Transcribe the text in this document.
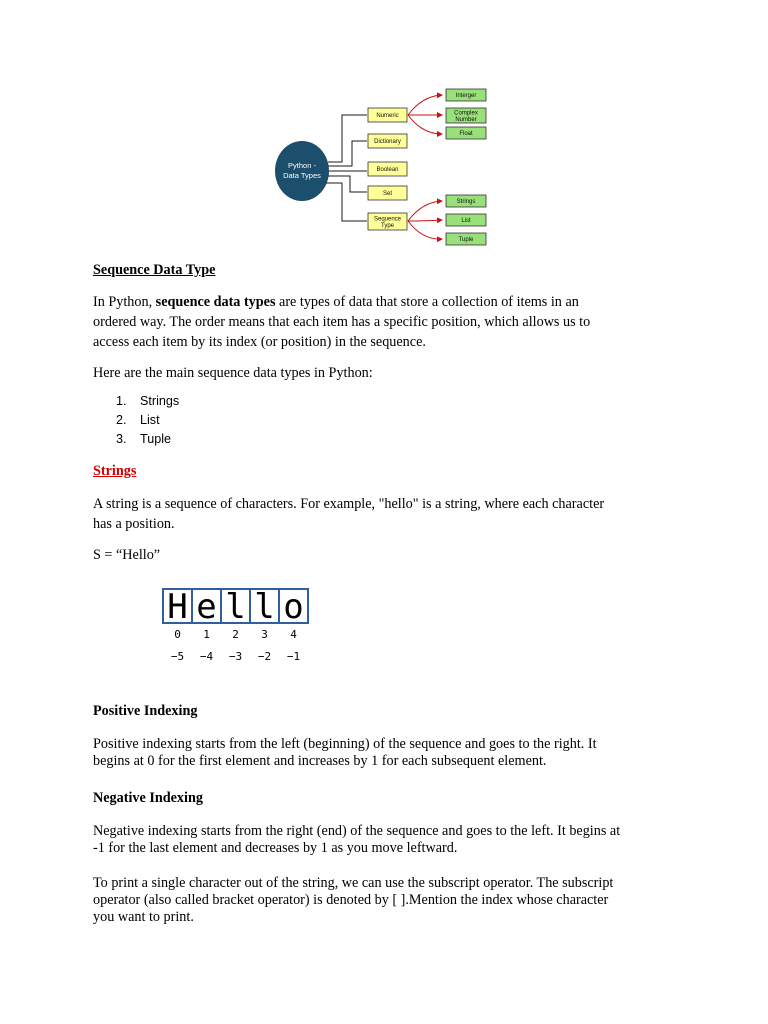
Python -
Data Types
Numeric
Dictionary
Boolean
Set
Sequence
Type
Interger
Complex
Number
Float
Strings
List
Tuple
Sequence Data Type
In Python, sequence data types are types of data that store a collection of items in an
ordered way. The order means that each item has a specific position, which allows us to
access each item by its index (or position) in the sequence.
Here are the main sequence data types in Python:
1. Strings
2. List
3. Tuple
Strings
A string is a sequence of characters. For example, "hello" is a string, where each character
has a position.
S = “Hello”
H
0
−5
e
1
−4
l
2
−3
l
3
−2
o
4
−1
Positive Indexing
Positive indexing starts from the left (beginning) of the sequence and goes to the right. It
begins at 0 for the first element and increases by 1 for each subsequent element.
Negative Indexing
Negative indexing starts from the right (end) of the sequence and goes to the left. It begins at
-1 for the last element and decreases by 1 as you move leftward.
To print a single character out of the string, we can use the subscript operator. The subscript
operator (also called bracket operator) is denoted by [ ].Mention the index whose character
you want to print.
